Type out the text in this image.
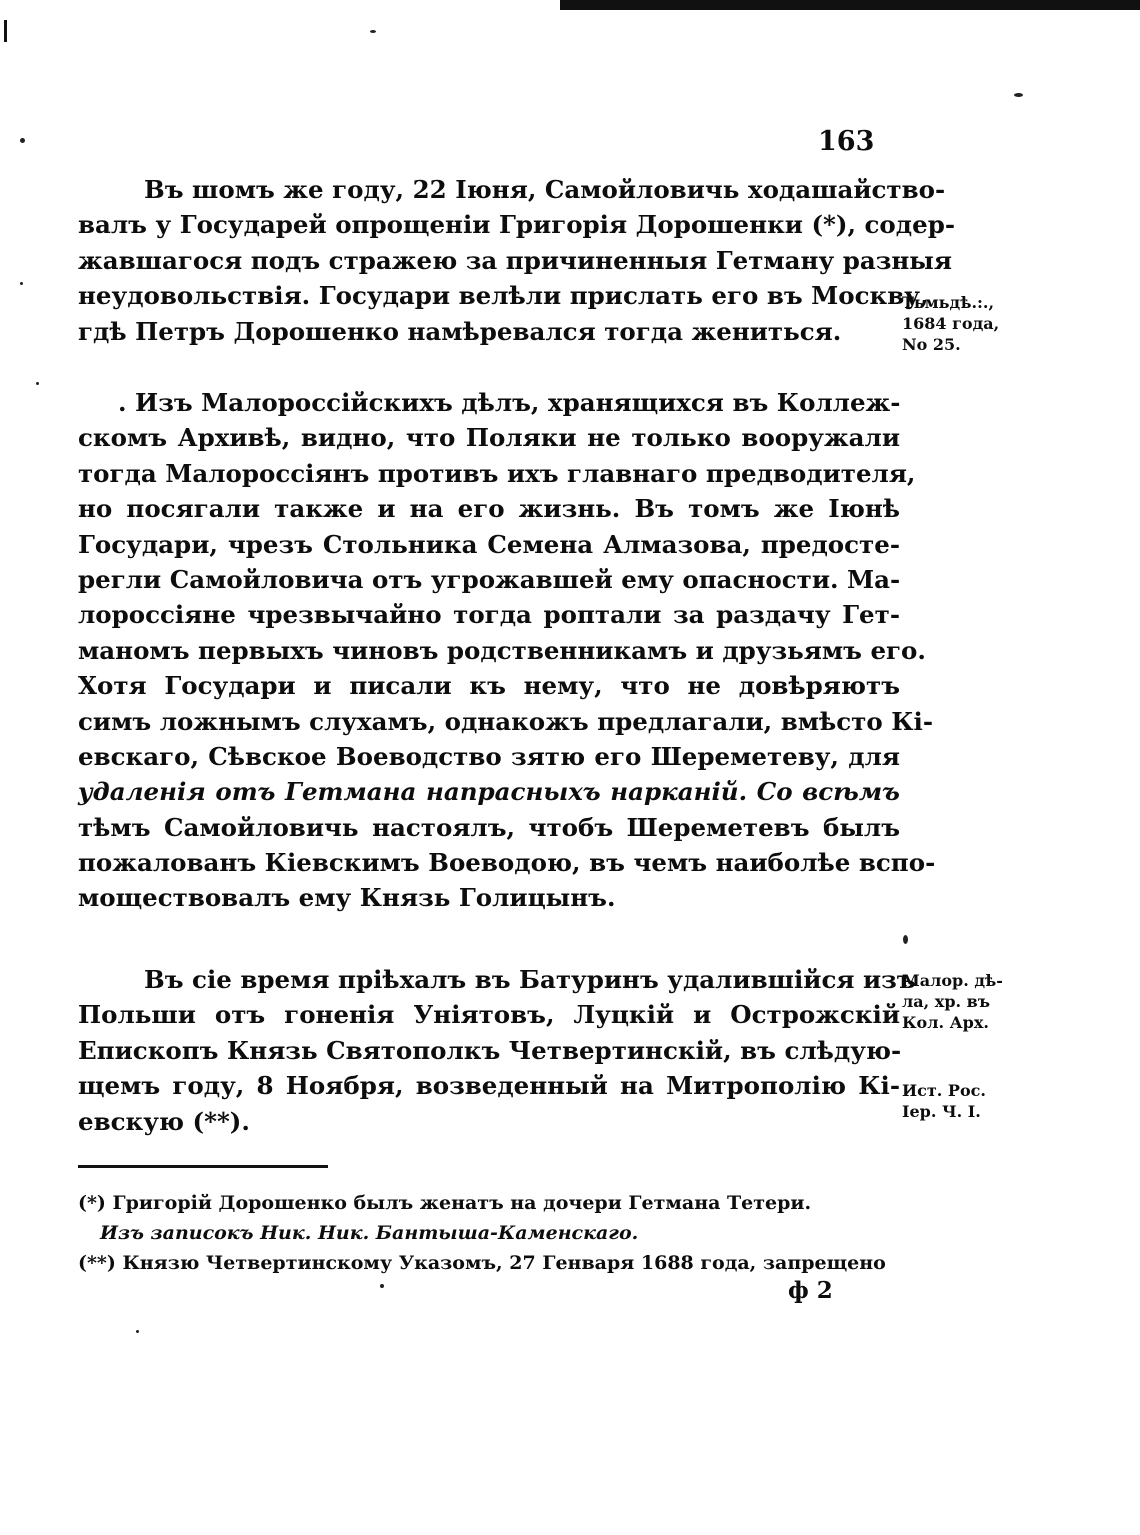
163
Въ шомъ же году, 22 Іюня, Самойловичь ходашайство-
валъ у Государей опрощеніи Григорія Дорошенки (*), содер-
жавшагося подъ стражею за причиненныя Гетману разныя
неудовольствія. Государи велѣли прислать его въ Москву,
гдѣ Петръ Дорошенко намѣревался тогда жениться.
Тьмьдѣ.:.,
1684 года,
No 25.
. Изъ Малороссійскихъ дѣлъ, хранящихся въ Коллеж-
скомъ Архивѣ, видно, что Поляки не только вооружали
тогда Малороссіянъ противъ ихъ главнаго предводителя,
но посягали также и на его жизнь. Въ томъ же Іюнѣ
Государи, чрезъ Стольника Семена Алмазова, предосте-
регли Самойловича отъ угрожавшей ему опасности. Ма-
лороссіяне чрезвычайно тогда роптали за раздачу Гет-
маномъ первыхъ чиновъ родственникамъ и друзьямъ его.
Хотя Государи и писали къ нему, что не довѣряютъ
симъ ложнымъ слухамъ, однакожъ предлагали, вмѣсто Кі-
евскаго, Сѣвское Воеводство зятю его Шереметеву, для
удаленія отъ Гетмана напрасныхъ нарканій. Со всѣмъ
тѣмъ Самойловичь настоялъ, чтобъ Шереметевъ былъ
пожалованъ Кіевскимъ Воеводою, въ чемъ наиболѣе вспо-
моществовалъ ему Князь Голицынъ.
Въ сіе время пріѣхалъ въ Батуринъ удалившійся изъ
Польши отъ гоненія Уніятовъ, Луцкій и Острожскій
Епископъ Князь Святополкъ Четвертинскій, въ слѣдую-
щемъ году, 8 Ноября, возведенный на Митрополію Кі-
евскую (**).
Малор. дѣ-
ла, хр. въ
Кол. Арх.
Ист. Рос.
Іер. Ч. І.
(*) Григорій Дорошенко былъ женатъ на дочери Гетмана Тетери.
Изъ записокъ Ник. Ник. Бантыша-Каменскаго.
(**) Князю Четвертинскому Указомъ, 27 Генваря 1688 года, запрещено
ф 2
